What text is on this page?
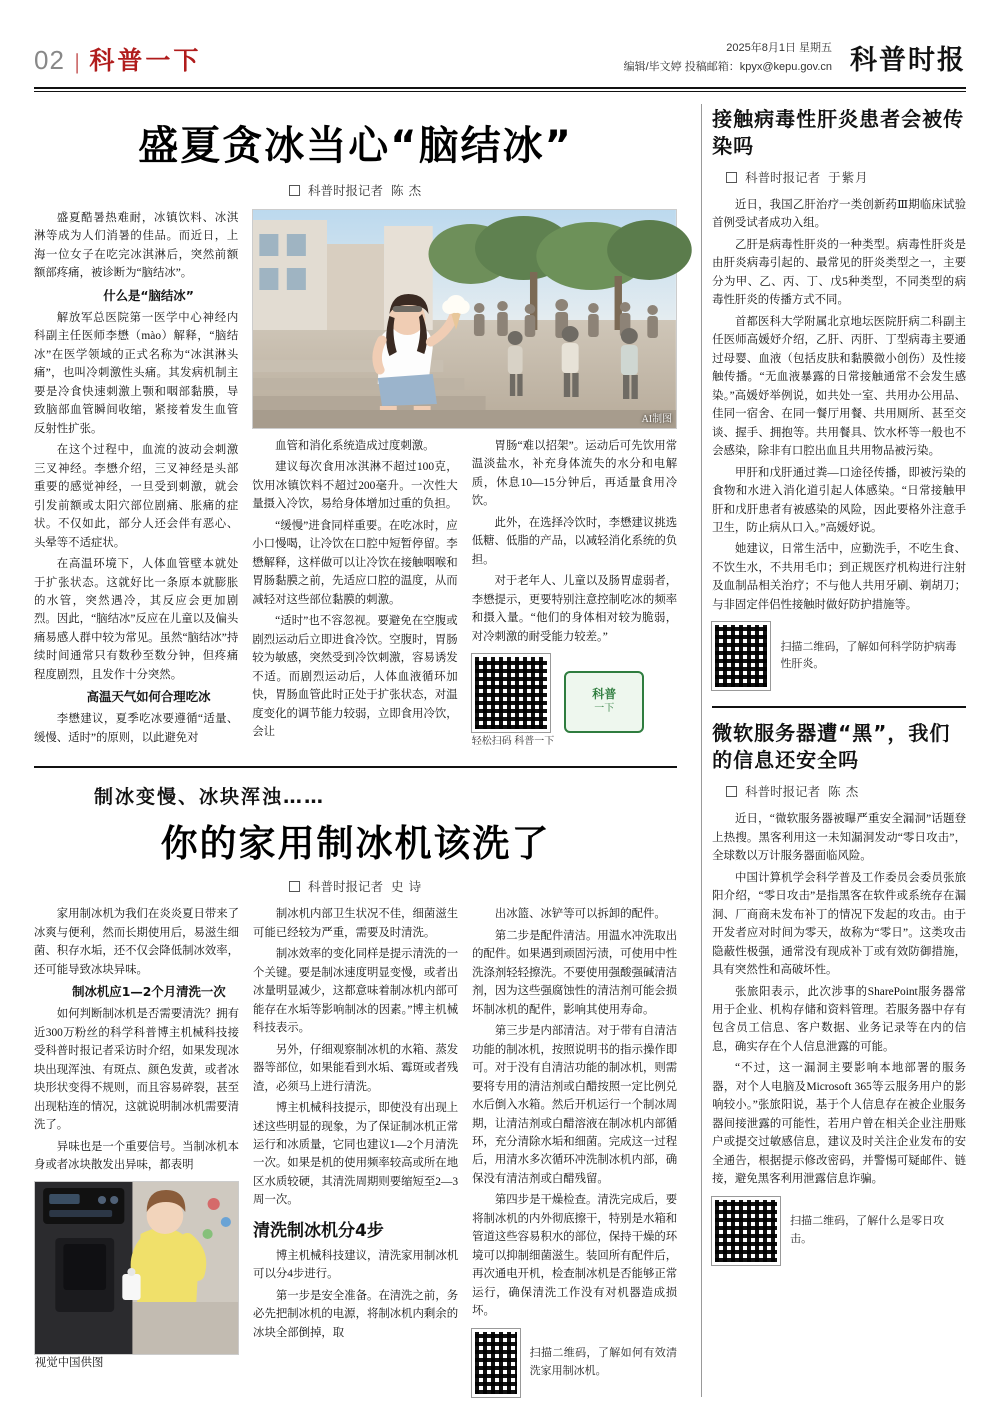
02 | 科普一下	2025年8月1日 星期五
编辑/毕文婷 投稿邮箱：kpyx@kepu.gov.cn 科普时报
盛夏贪冰当心“脑结冰”
科普时报记者 陈 杰

盛夏酷暑热难耐，冰镇饮料、冰淇淋等成为人们消暑的佳品。而近日，上海一位女子在吃完冰淇淋后，突然前额额部疼痛，被诊断为“脑结冰”。

什么是“脑结冰”

解放军总医院第一医学中心神经内科副主任医师李懋（mào）解释，“脑结冰”在医学领域的正式名称为“冰淇淋头痛”，也叫冷刺激性头痛。其发病机制主要是冷食快速刺激上颚和咽部黏膜，导致脑部血管瞬间收缩，紧接着发生血管反射性扩张。

在这个过程中，血流的波动会刺激三叉神经。李懋介绍，三叉神经是头部重要的感觉神经，一旦受到刺激，就会引发前额或太阳穴部位剧痛、胀痛的症状。不仅如此，部分人还会伴有恶心、头晕等不适症状。

在高温环境下，人体血管壁本就处于扩张状态。这就好比一条原本就膨胀的水管，突然遇冷，其反应会更加剧烈。因此，“脑结冰”反应在儿童以及偏头痛易感人群中较为常见。虽然“脑结冰”持续时间通常只有数秒至数分钟，但疼痛程度剧烈，且发作十分突然。

高温天气如何合理吃冰

李懋建议，夏季吃冰要遵循“适量、缓慢、适时”的原则，以此避免对

AI制图

血管和消化系统造成过度刺激。

建议每次食用冰淇淋不超过100克，饮用冰镇饮料不超过200毫升。一次性大量摄入冷饮，易给身体增加过重的负担。

“缓慢”进食同样重要。在吃冰时，应小口慢喝，让冷饮在口腔中短暂停留。李懋解释，这样做可以让冷饮在接触咽喉和胃肠黏膜之前，先适应口腔的温度，从而减轻对这些部位黏膜的刺激。

“适时”也不容忽视。要避免在空腹或剧烈运动后立即进食冷饮。空腹时，胃肠较为敏感，突然受到冷饮刺激，容易诱发不适。而剧烈运动后，人体血液循环加快，胃肠血管此时正处于扩张状态，对温度变化的调节能力较弱，立即食用冷饮，会让

胃肠“难以招架”。运动后可先饮用常温淡盐水，补充身体流失的水分和电解质，休息10—15分钟后，再适量食用冷饮。

此外，在选择冷饮时，李懋建议挑选低糖、低脂的产品，以减轻消化系统的负担。

对于老年人、儿童以及肠胃虚弱者，李懋提示，更要特别注意控制吃冰的频率和摄入量。“他们的身体相对较为脆弱，对冷刺激的耐受能力较差。”

轻松扫码 科普一下
科普
一下
制冰变慢、冰块浑浊……
你的家用制冰机该洗了
科普时报记者 史 诗

家用制冰机为我们在炎炎夏日带来了冰爽与便利，然而长期使用后，易滋生细菌、积存水垢，还不仅会降低制冰效率，还可能导致冰块异味。

制冰机应1—2个月清洗一次

如何判断制冰机是否需要清洗？拥有近300万粉丝的科学科普博主机械科技接受科普时报记者采访时介绍，如果发现冰块出现浑浊、有斑点、颜色发黄，或者冰块形状变得不规则，而且容易碎裂，甚至出现粘连的情况，这就说明制冰机需要清洗了。

异味也是一个重要信号。当制冰机本身或者冰块散发出异味，都表明

视觉中国供图

制冰机内部卫生状况不佳，细菌滋生可能已经较为严重，需要及时清洗。

制冰效率的变化同样是提示清洗的一个关键。要是制冰速度明显变慢，或者出冰量明显减少，这都意味着制冰机内部可能存在水垢等影响制冰的因素。”博主机械科技表示。

另外，仔细观察制冰机的水箱、蒸发器等部位，如果能看到水垢、霉斑或者残渣，必须马上进行清洗。

博主机械科技提示，即使没有出现上述这些明显的现象，为了保证制冰机正常运行和冰质量，它同也建议1—2个月清洗一次。如果是机的使用频率较高或所在地区水质较硬，其清洗周期则要缩短至2—3周一次。

清洗制冰机分4步

博主机械科技建议，清洗家用制冰机可以分4步进行。

第一步是安全准备。在清洗之前，务必先把制冰机的电源，将制冰机内剩余的冰块全部倒掉，取

出冰篮、冰铲等可以拆卸的配件。

第二步是配件清洁。用温水冲洗取出的配件。如果遇到顽固污渍，可使用中性洗涤剂轻轻擦洗。不要使用强酸强碱清洁剂，因为这些强腐蚀性的清洁剂可能会损坏制冰机的配件，影响其使用寿命。

第三步是内部清洁。对于带有自清洁功能的制冰机，按照说明书的指示操作即可。对于没有自清洁功能的制冰机，则需要将专用的清洁剂或白醋按照一定比例兑水后倒入水箱。然后开机运行一个制冰周期，让清洁剂或白醋溶液在制冰机内部循环，充分清除水垢和细菌。完成这一过程后，用清水多次循环冲洗制冰机内部，确保没有清洁剂或白醋残留。

第四步是干燥检查。清洗完成后，要将制冰机的内外彻底擦干，特别是水箱和管道这些容易积水的部位，保持干燥的环境可以抑制细菌滋生。装回所有配件后，再次通电开机，检查制冰机是否能够正常运行，确保清洗工作没有对机器造成损坏。

扫描二维码，了解如何有效清洗家用制冰机。
接触病毒性肝炎患者会被传染吗
科普时报记者 于紫月

近日，我国乙肝治疗一类创新药Ⅲ期临床试验首例受试者成功入组。

乙肝是病毒性肝炎的一种类型。病毒性肝炎是由肝炎病毒引起的、最常见的肝炎类型之一，主要分为甲、乙、丙、丁、戊5种类型，不同类型的病毒性肝炎的传播方式不同。

首都医科大学附属北京地坛医院肝病二科副主任医师高媛妤介绍，乙肝、丙肝、丁型病毒主要通过母婴、血液（包括皮肤和黏膜微小创伤）及性接触传播。“无血液暴露的日常接触通常不会发生感染。”高媛妤举例说，如共处一室、共用办公用品、佳同一宿舍、在同一餐厅用餐、共用厕所、甚至交谈、握手、拥抱等。共用餐具、饮水杯等一般也不会感染，除非有口腔出血且共用物品被污染。

甲肝和戊肝通过粪—口途径传播，即被污染的食物和水进入消化道引起人体感染。“日常接触甲肝和戊肝患者有被感染的风险，因此要格外注意手卫生，防止病从口入。”高媛妤说。

她建议，日常生活中，应勤洗手，不吃生食、不饮生水，不共用毛巾；到正规医疗机构进行注射及血制品相关治疗；不与他人共用牙刷、剃胡刀；与非固定伴侣性接触时做好防护措施等。

扫描二维码，了解如何科学防护病毒性肝炎。
微软服务器遭“黑”，我们的信息还安全吗
科普时报记者 陈 杰

近日，“微软服务器被曝严重安全漏洞”话题登上热搜。黑客利用这一未知漏洞发动“零日攻击”，全球数以万计服务器面临风险。

中国计算机学会科学普及工作委员会委员张旅阳介绍，“零日攻击”是指黑客在软件或系统存在漏洞、厂商商未发布补丁的情况下发起的攻击。由于开发者应对时间为零天，故称为“零日”。这类攻击隐蔽性极强，通常没有现成补丁或有效防御措施，具有突然性和高破坏性。

张旅阳表示，此次涉事的SharePoint服务器常用于企业、机构存储和资料管理。若服务器中存有包含员工信息、客户数据、业务记录等在内的信息，确实存在个人信息泄露的可能。

“不过，这一漏洞主要影响本地部署的服务器，对个人电脑及Microsoft 365等云服务用户的影响较小。”张旅阳说，基于个人信息存在被企业服务器间接泄露的可能性，若用户曾在相关企业注册账户或提交过敏感信息，建议及时关注企业发布的安全通告，根据提示修改密码，并警惕可疑邮件、链接，避免黑客利用泄露信息诈骗。

扫描二维码，了解什么是零日攻击。
